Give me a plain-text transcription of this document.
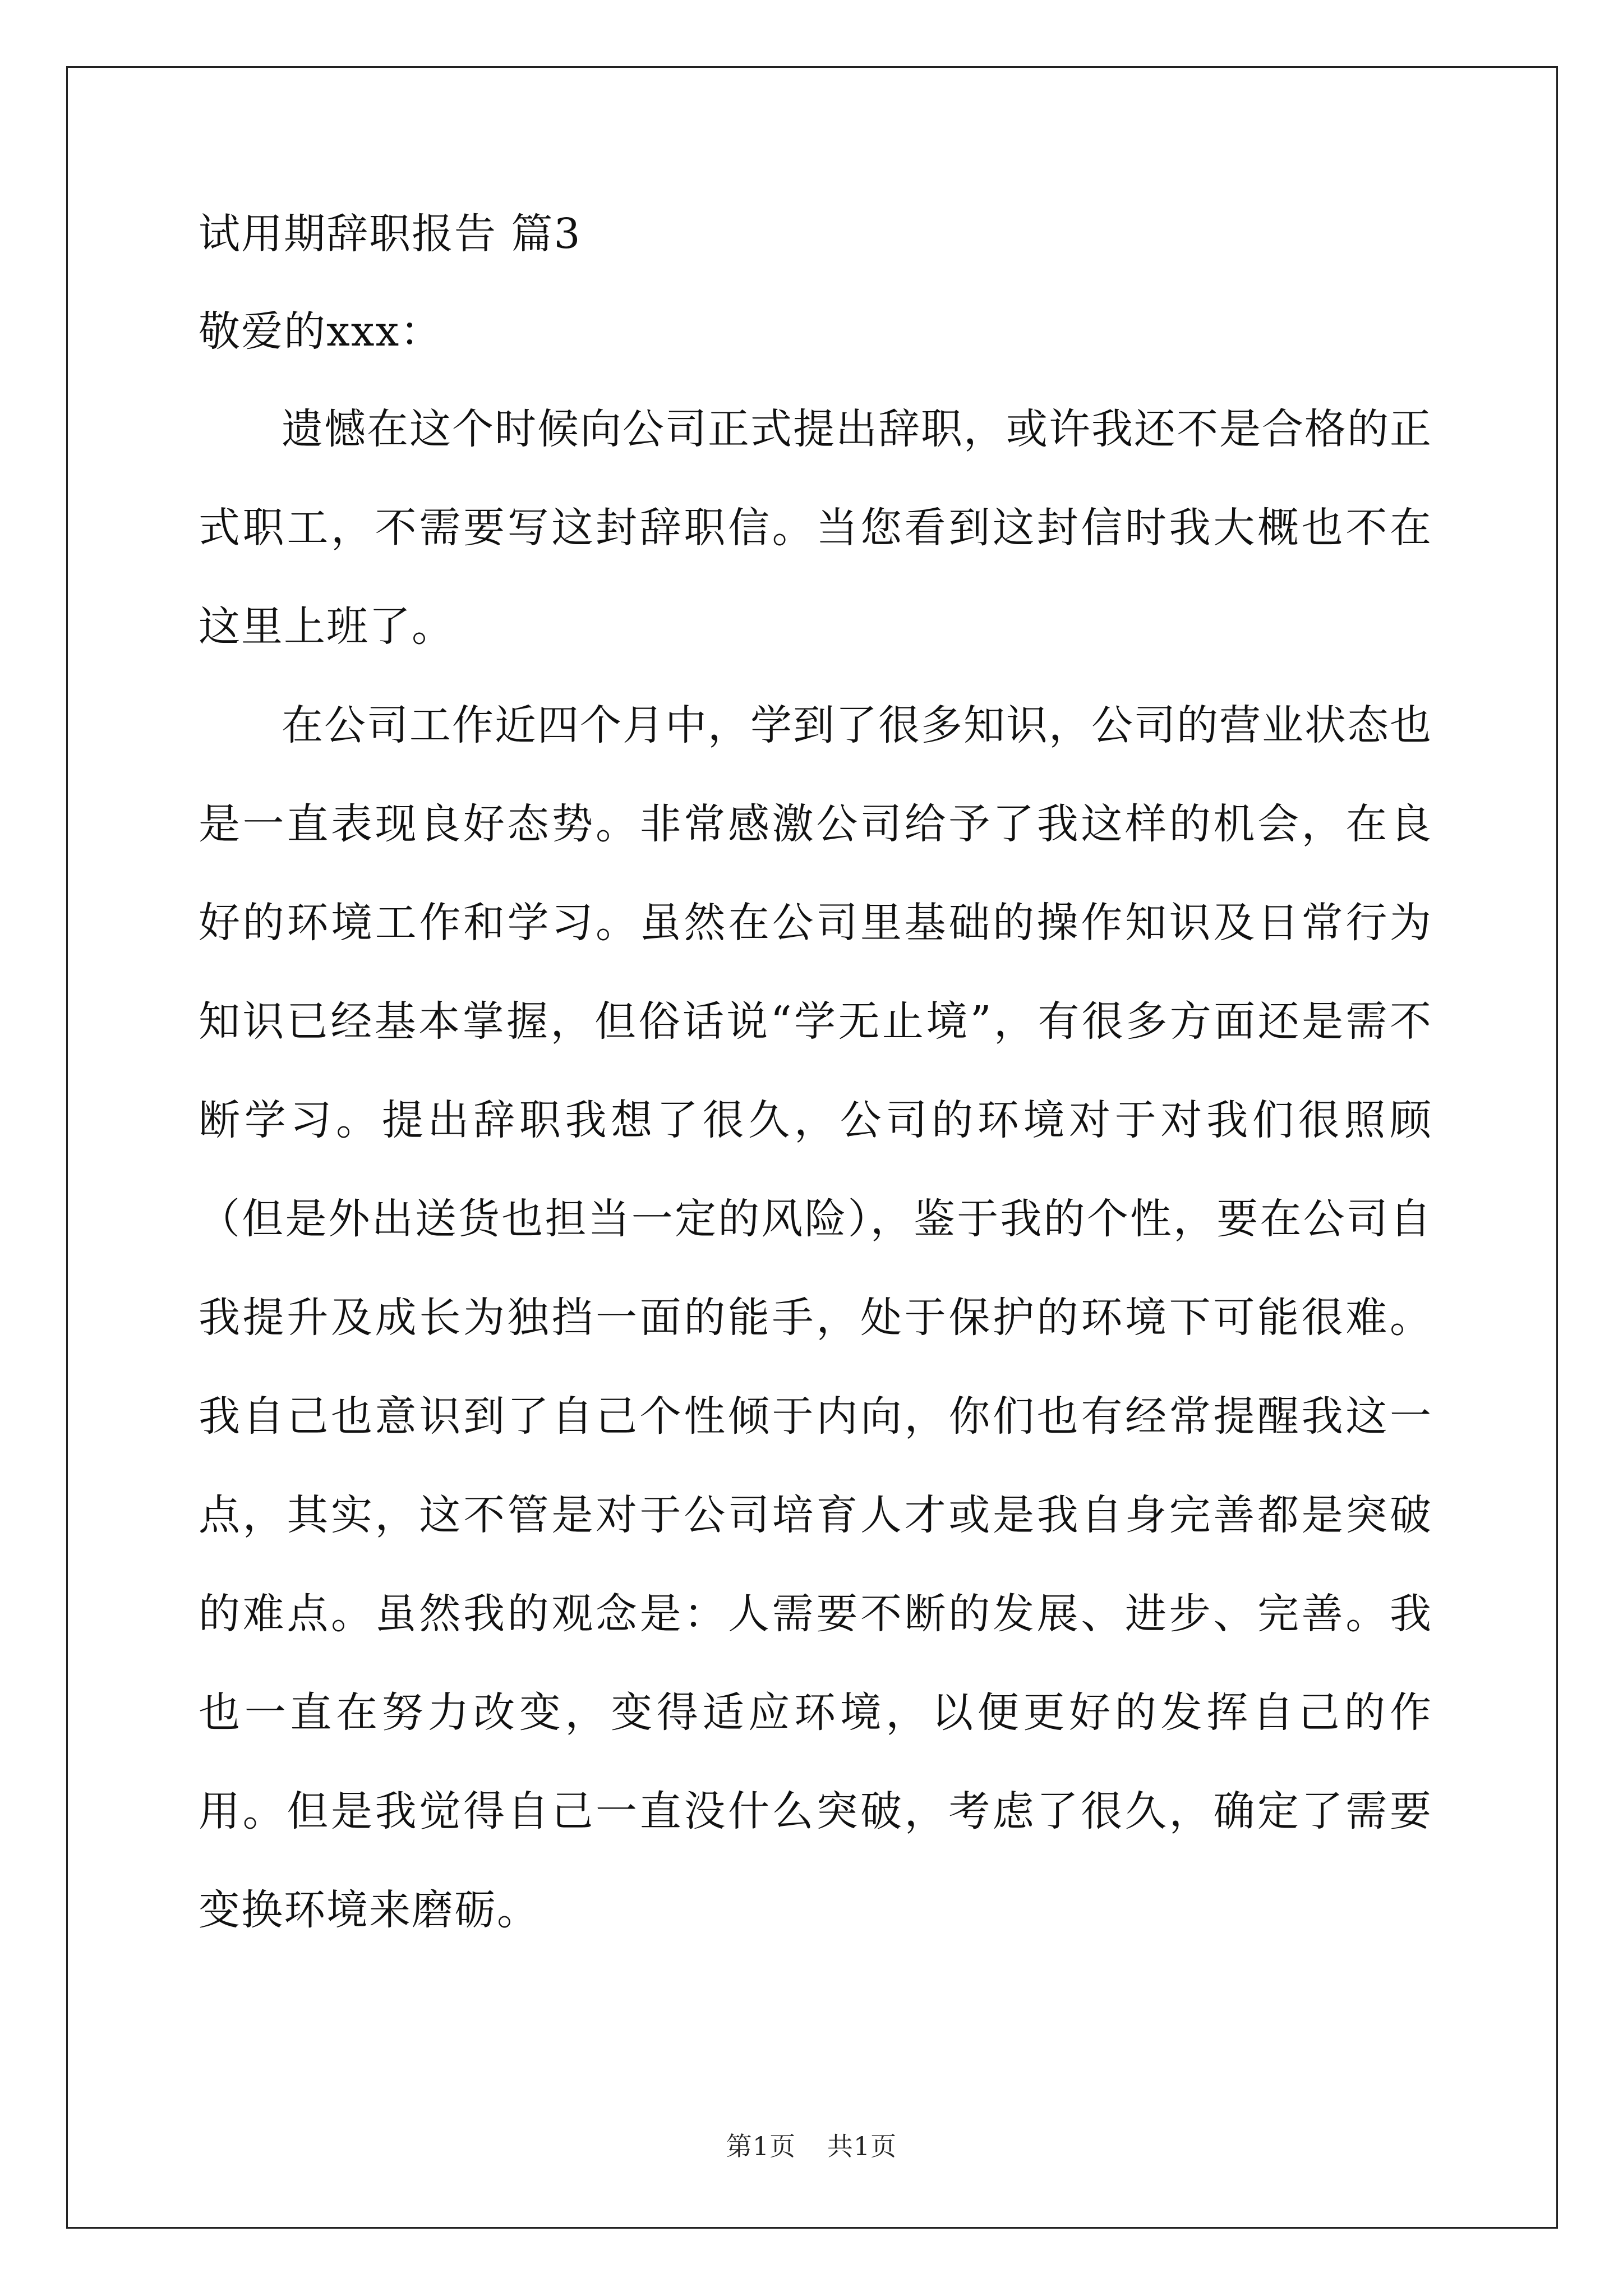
试用期辞职报告 篇3
敬爱的xxx：

遗憾在这个时候向公司正式提出辞职，或许我还不是合格的正式职工，不需要写这封辞职信。当您看到这封信时我大概也不在这里上班了。

在公司工作近四个月中，学到了很多知识，公司的营业状态也是一直表现良好态势。非常感激公司给予了我这样的机会，在良好的环境工作和学习。虽然在公司里基础的操作知识及日常行为知识已经基本掌握，但俗话说“学无止境”，有很多方面还是需不断学习。提出辞职我想了很久，公司的环境对于对我们很照顾（但是外出送货也担当一定的风险），鉴于我的个性，要在公司自我提升及成长为独挡一面的能手，处于保护的环境下可能很难。我自己也意识到了自己个性倾于内向，你们也有经常提醒我这一点，其实，这不管是对于公司培育人才或是我自身完善都是突破的难点。虽然我的观念是：人需要不断的发展、进步、完善。我也一直在努力改变，变得适应环境，以便更好的发挥自己的作用。但是我觉得自己一直没什么突破，考虑了很久，确定了需要变换环境来磨砺。

第1页 共1页
